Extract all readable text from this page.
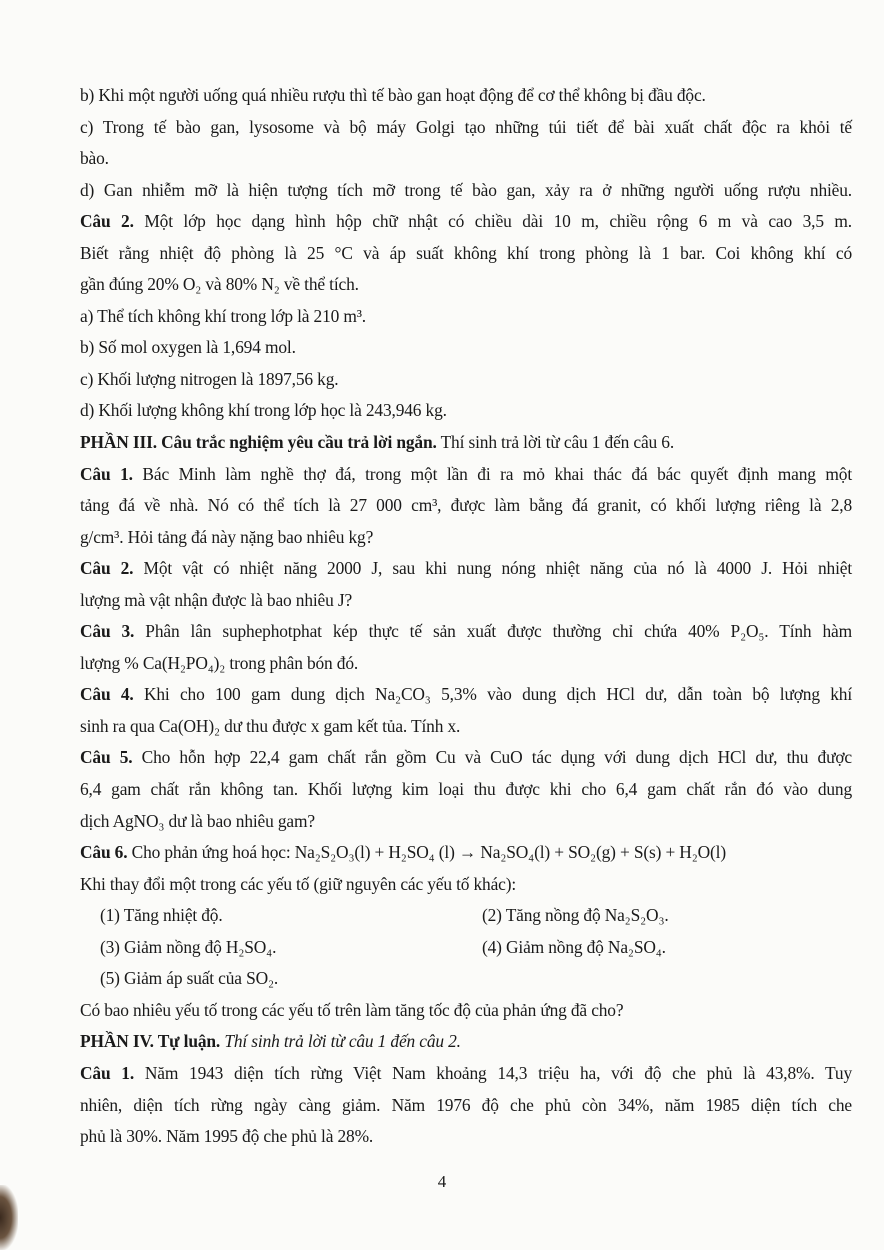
b) Khi một người uống quá nhiều rượu thì tế bào gan hoạt động để cơ thể không bị đầu độc.
c) Trong tế bào gan, lysosome và bộ máy Golgi tạo những túi tiết để bài xuất chất độc ra khỏi tế
bào.
d) Gan nhiễm mỡ là hiện tượng tích mỡ trong tế bào gan, xảy ra ở những người uống rượu nhiều.
Câu 2. Một lớp học dạng hình hộp chữ nhật có chiều dài 10 m, chiều rộng 6 m và cao 3,5 m.
Biết rằng nhiệt độ phòng là 25 °C và áp suất không khí trong phòng là 1 bar. Coi không khí có
gần đúng 20% O₂ và 80% N₂ về thể tích.
a) Thể tích không khí trong lớp là 210 m³.
b) Số mol oxygen là 1,694 mol.
c) Khối lượng nitrogen là 1897,56 kg.
d) Khối lượng không khí trong lớp học là 243,946 kg.
PHẦN III. Câu trắc nghiệm yêu cầu trả lời ngắn. Thí sinh trả lời từ câu 1 đến câu 6.
Câu 1. Bác Minh làm nghề thợ đá, trong một lần đi ra mỏ khai thác đá bác quyết định mang một
tảng đá về nhà. Nó có thể tích là 27 000 cm³, được làm bằng đá granit, có khối lượng riêng là 2,8
g/cm³. Hỏi tảng đá này nặng bao nhiêu kg?
Câu 2. Một vật có nhiệt năng 2000 J, sau khi nung nóng nhiệt năng của nó là 4000 J. Hỏi nhiệt
lượng mà vật nhận được là bao nhiêu J?
Câu 3. Phân lân suphephotphat kép thực tế sản xuất được thường chỉ chứa 40% P₂O₅. Tính hàm
lượng % Ca(H₂PO₄)₂ trong phân bón đó.
Câu 4. Khi cho 100 gam dung dịch Na₂CO₃ 5,3% vào dung dịch HCl dư, dẫn toàn bộ lượng khí
sinh ra qua Ca(OH)₂ dư thu được x gam kết tủa. Tính x.
Câu 5. Cho hỗn hợp 22,4 gam chất rắn gồm Cu và CuO tác dụng với dung dịch HCl dư, thu được
6,4 gam chất rắn không tan. Khối lượng kim loại thu được khi cho 6,4 gam chất rắn đó vào dung
dịch AgNO₃ dư là bao nhiêu gam?
Câu 6. Cho phản ứng hoá học: Na₂S₂O₃(l) + H₂SO₄ (l) → Na₂SO₄(l) + SO₂(g) + S(s) + H₂O(l)
Khi thay đổi một trong các yếu tố (giữ nguyên các yếu tố khác):
(1) Tăng nhiệt độ.	(2) Tăng nồng độ Na₂S₂O₃.
(3) Giảm nồng độ H₂SO₄.	(4) Giảm nồng độ Na₂SO₄.
(5) Giảm áp suất của SO₂.
Có bao nhiêu yếu tố trong các yếu tố trên làm tăng tốc độ của phản ứng đã cho?
PHẦN IV. Tự luận. Thí sinh trả lời từ câu 1 đến câu 2.
Câu 1. Năm 1943 diện tích rừng Việt Nam khoảng 14,3 triệu ha, với độ che phủ là 43,8%. Tuy
nhiên, diện tích rừng ngày càng giảm. Năm 1976 độ che phủ còn 34%, năm 1985 diện tích che
phủ là 30%. Năm 1995 độ che phủ là 28%.
4
